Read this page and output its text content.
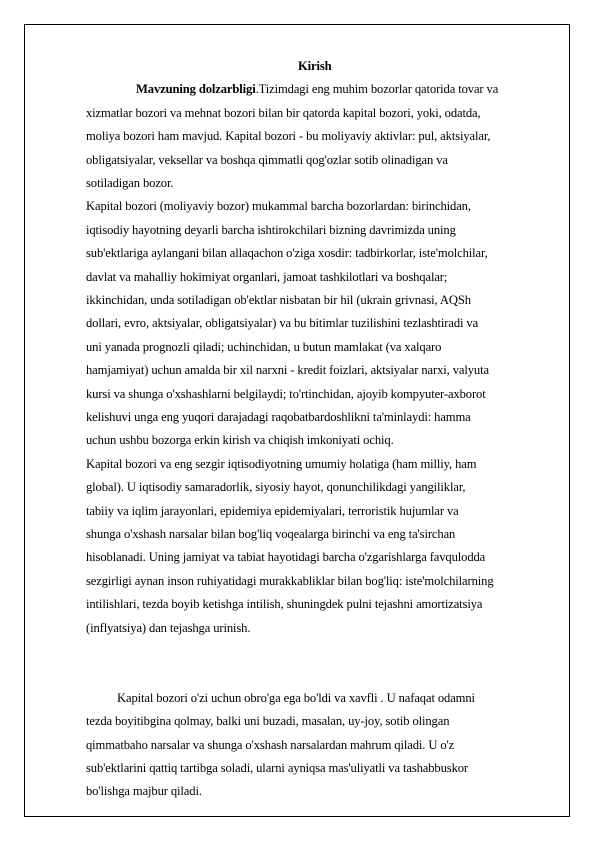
Kirish
Mavzuning dolzarbligi.Tizimdagi eng muhim bozorlar qatorida tovar va
xizmatlar bozori va mehnat bozori bilan bir qatorda kapital bozori, yoki, odatda,
moliya bozori ham mavjud. Kapital bozori - bu moliyaviy aktivlar: pul, aktsiyalar,
obligatsiyalar, veksellar va boshqa qimmatli qog'ozlar sotib olinadigan va
sotiladigan bozor.
Kapital bozori (moliyaviy bozor) mukammal barcha bozorlardan: birinchidan,
iqtisodiy hayotning deyarli barcha ishtirokchilari bizning davrimizda uning
sub'ektlariga aylangani bilan allaqachon o'ziga xosdir: tadbirkorlar, iste'molchilar,
davlat va mahalliy hokimiyat organlari, jamoat tashkilotlari va boshqalar;
ikkinchidan, unda sotiladigan ob'ektlar nisbatan bir hil (ukrain grivnasi, AQSh
dollari, evro, aktsiyalar, obligatsiyalar) va bu bitimlar tuzilishini tezlashtiradi va
uni yanada prognozli qiladi; uchinchidan, u butun mamlakat (va xalqaro
hamjamiyat) uchun amalda bir xil narxni - kredit foizlari, aktsiyalar narxi, valyuta
kursi va shunga o'xshashlarni belgilaydi; to'rtinchidan, ajoyib kompyuter-axborot
kelishuvi unga eng yuqori darajadagi raqobatbardoshlikni ta'minlaydi: hamma
uchun ushbu bozorga erkin kirish va chiqish imkoniyati ochiq.
Kapital bozori va eng sezgir iqtisodiyotning umumiy holatiga (ham milliy, ham
global). U iqtisodiy samaradorlik, siyosiy hayot, qonunchilikdagi yangiliklar,
tabiiy va iqlim jarayonlari, epidemiya epidemiyalari, terroristik hujumlar va
shunga o'xshash narsalar bilan bog'liq voqealarga birinchi va eng ta'sirchan
hisoblanadi. Uning jamiyat va tabiat hayotidagi barcha o'zgarishlarga favqulodda
sezgirligi aynan inson ruhiyatidagi murakkabliklar bilan bog'liq: iste'molchilarning
intilishlari, tezda boyib ketishga intilish, shuningdek pulni tejashni amortizatsiya
(inflyatsiya) dan tejashga urinish.
Kapital bozori o'zi uchun obro'ga ega bo'ldi va xavfli . U nafaqat odamni
tezda boyitibgina qolmay, balki uni buzadi, masalan, uy-joy, sotib olingan
qimmatbaho narsalar va shunga o'xshash narsalardan mahrum qiladi. U o'z
sub'ektlarini qattiq tartibga soladi, ularni ayniqsa mas'uliyatli va tashabbuskor
bo'lishga majbur qiladi.
